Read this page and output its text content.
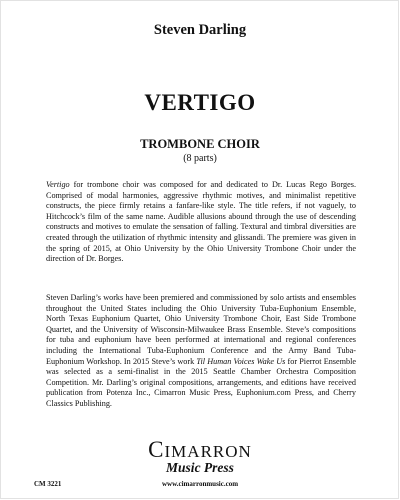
Steven Darling
VERTIGO
TROMBONE CHOIR
(8 parts)

Vertigo for trombone choir was composed for and dedicated to Dr. Lucas Rego Borges. Comprised of modal harmonies, aggressive rhythmic motives, and minimalist repetitive constructs, the piece firmly retains a fanfare-like style. The title refers, if not vaguely, to Hitchcock’s film of the same name. Audible allusions abound through the use of descending constructs and motives to emulate the sensation of falling. Textural and timbral diversities are created through the utilization of rhythmic intensity and glissandi. The premiere was given in the spring of 2015, at Ohio University by the Ohio University Trombone Choir under the direction of Dr. Borges.

Steven Darling’s works have been premiered and commissioned by solo artists and ensembles throughout the United States including the Ohio University Tuba-Euphonium Ensemble, North Texas Euphonium Quartet, Ohio University Trombone Choir, East Side Trombone Quartet, and the University of Wisconsin-Milwaukee Brass Ensemble. Steve’s compositions for tuba and euphonium have been performed at international and regional conferences including the International Tuba-Euphonium Conference and the Army Band Tuba-Euphonium Workshop. In 2015 Steve’s work Til Human Voices Wake Us for Pierrot Ensemble was selected as a semi-finalist in the 2015 Seattle Chamber Orchestra Composition Competition. Mr. Darling’s original compositions, arrangements, and editions have received publication from Potenza Inc., Cimarron Music Press, Euphonium.com Press, and Cherry Classics Publishing.

CIMARRON
Music Press
CM 3221	www.cimarronmusic.com
